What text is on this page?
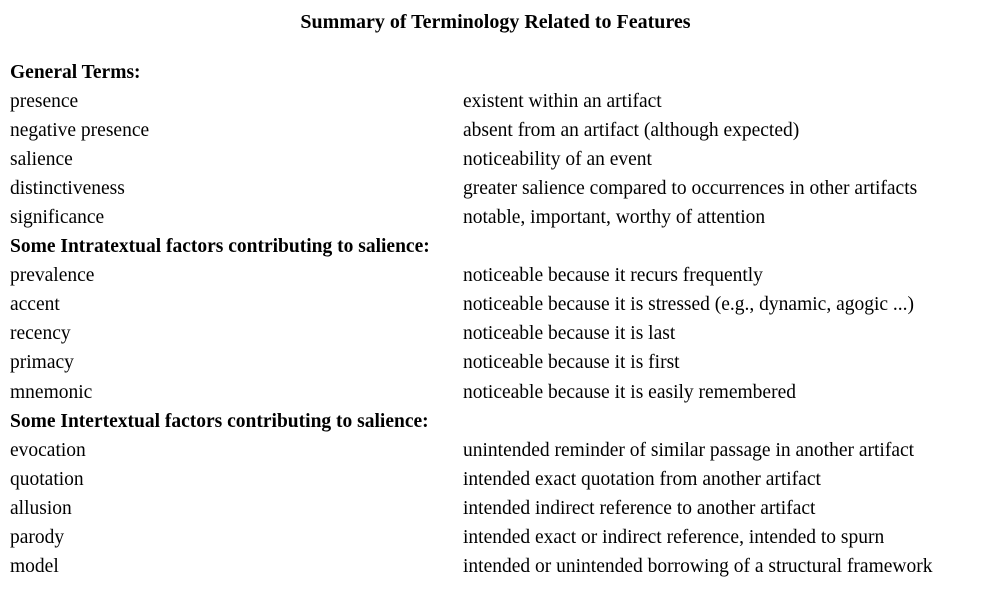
Summary of Terminology Related to Features
General Terms:
presence	existent within an artifact
negative presence	absent from an artifact (although expected)
salience	noticeability of an event
distinctiveness	greater salience compared to occurrences in other artifacts
significance	notable, important, worthy of attention
Some Intratextual factors contributing to salience:
prevalence	noticeable because it recurs frequently
accent	noticeable because it is stressed (e.g., dynamic, agogic ...)
recency	noticeable because it is last
primacy	noticeable because it is first
mnemonic	noticeable because it is easily remembered
Some Intertextual factors contributing to salience:
evocation	unintended reminder of similar passage in another artifact
quotation	intended exact quotation from another artifact
allusion	intended indirect reference to another artifact
parody	intended exact or indirect reference, intended to spurn
model	intended or unintended borrowing of a structural framework
